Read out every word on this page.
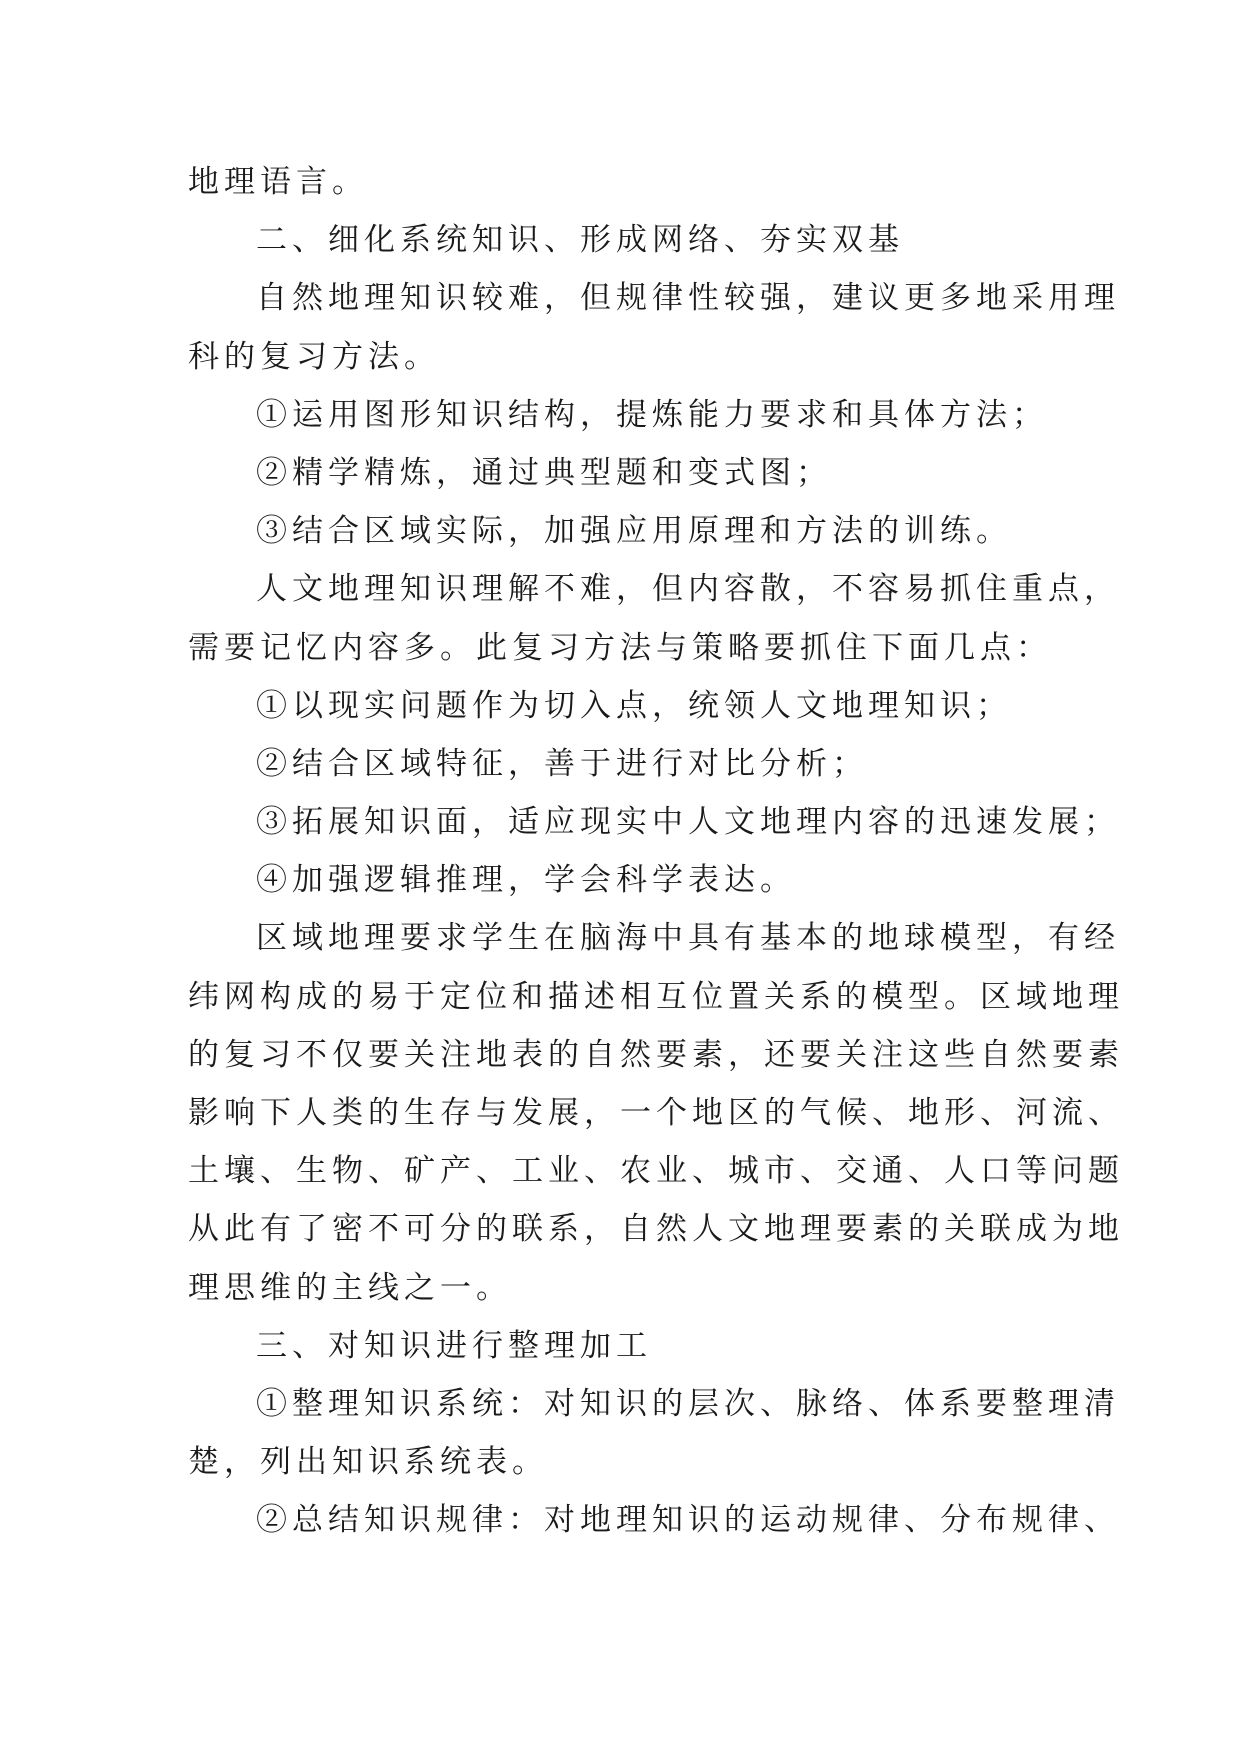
地理语言。
二、细化系统知识、形成网络、夯实双基
自然地理知识较难，但规律性较强，建议更多地采用理
科的复习方法。
①运用图形知识结构，提炼能力要求和具体方法；
②精学精炼，通过典型题和变式图；
③结合区域实际，加强应用原理和方法的训练。
人文地理知识理解不难，但内容散，不容易抓住重点，
需要记忆内容多。此复习方法与策略要抓住下面几点：
①以现实问题作为切入点，统领人文地理知识；
②结合区域特征，善于进行对比分析；
③拓展知识面，适应现实中人文地理内容的迅速发展；
④加强逻辑推理，学会科学表达。
区域地理要求学生在脑海中具有基本的地球模型，有经
纬网构成的易于定位和描述相互位置关系的模型。区域地理
的复习不仅要关注地表的自然要素，还要关注这些自然要素
影响下人类的生存与发展，一个地区的气候、地形、河流、
土壤、生物、矿产、工业、农业、城市、交通、人口等问题
从此有了密不可分的联系，自然人文地理要素的关联成为地
理思维的主线之一。
三、对知识进行整理加工
①整理知识系统：对知识的层次、脉络、体系要整理清
楚，列出知识系统表。
②总结知识规律：对地理知识的运动规律、分布规律、
